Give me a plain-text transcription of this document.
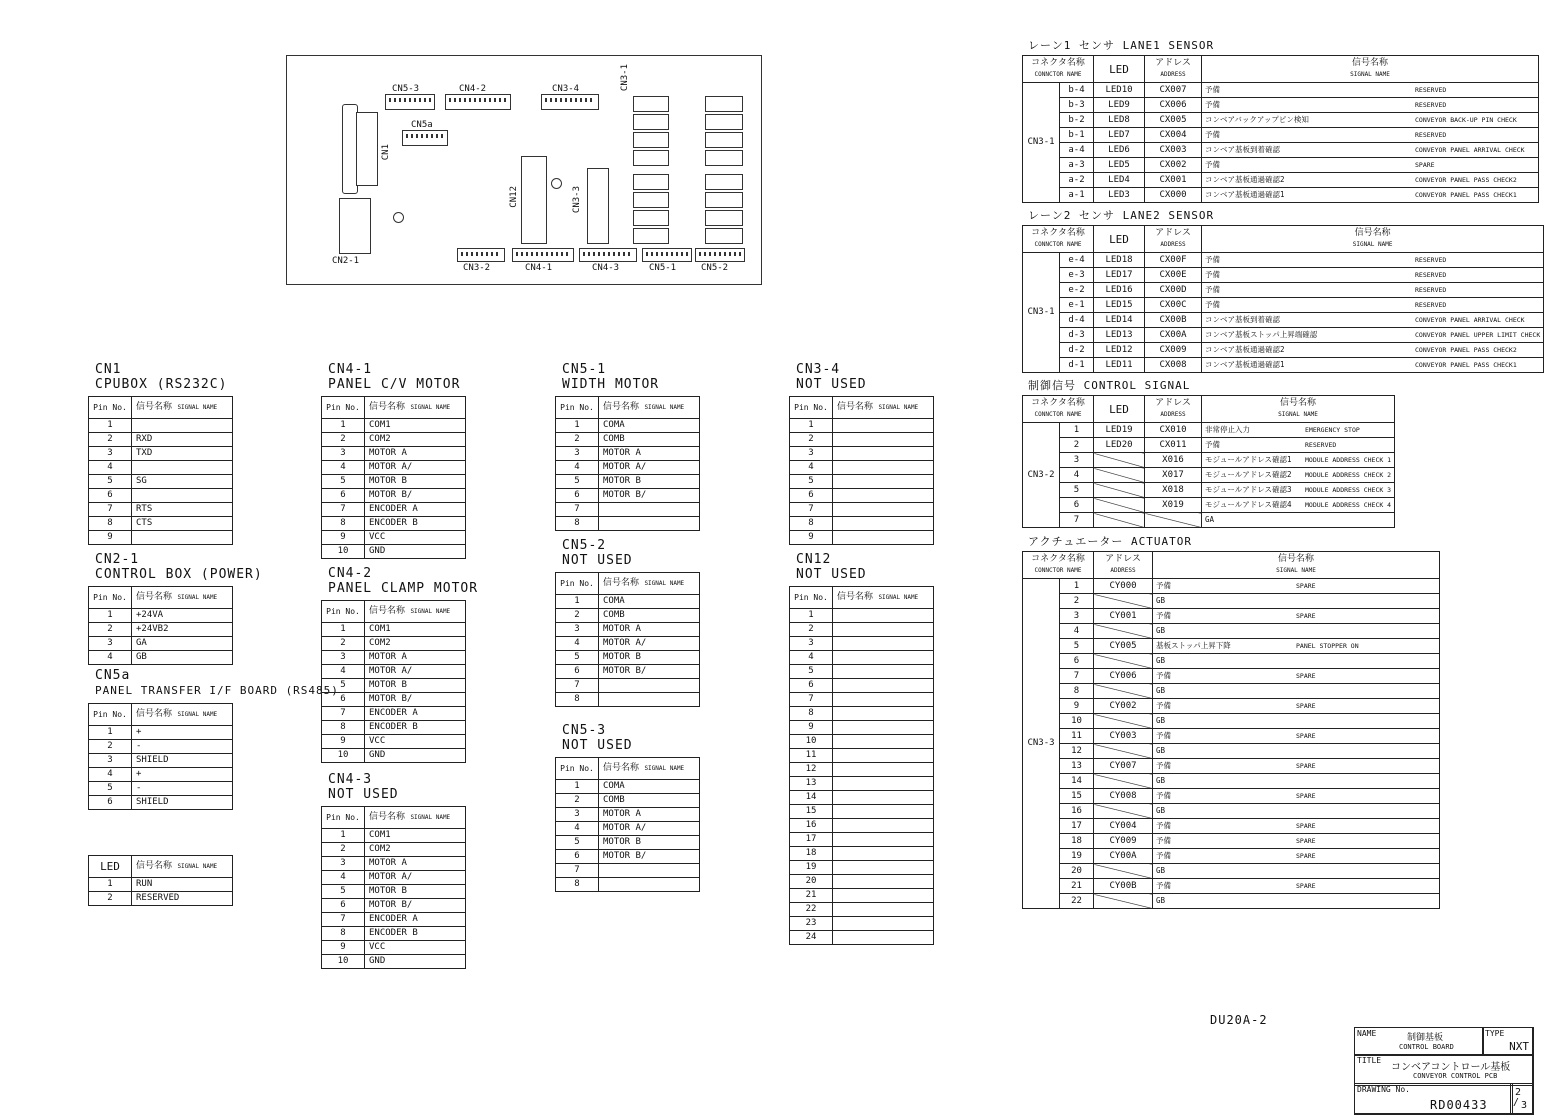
CN1
CN5-3	CN4-2	CN3-4
CN5a
CN3-1
CN12	CN3-3
CN2-1
CN3-2	CN4-1	CN4-3	CN5-1	CN5-2
CN1
CPUBOX (RS232C)
Pin No.	信号名称 SIGNAL NAME
1	
2	RXD
3	TXD
4	
5	SG
6	
7	RTS
8	CTS
9	
CN2-1
CONTROL BOX (POWER)
Pin No.	信号名称 SIGNAL NAME
1	+24VA
2	+24VB2
3	GA
4	GB
CN5a
PANEL TRANSFER I/F BOARD (RS485)
Pin No.	信号名称 SIGNAL NAME
1	+
2	-
3	SHIELD
4	+
5	-
6	SHIELD
LED	信号名称 SIGNAL NAME
1	RUN
2	RESERVED
CN4-1
PANEL C/V MOTOR
Pin No.	信号名称 SIGNAL NAME
1	COM1
2	COM2
3	MOTOR A
4	MOTOR A/
5	MOTOR B
6	MOTOR B/
7	ENCODER A
8	ENCODER B
9	VCC
10	GND
CN4-2
PANEL CLAMP MOTOR
Pin No.	信号名称 SIGNAL NAME
1	COM1
2	COM2
3	MOTOR A
4	MOTOR A/
5	MOTOR B
6	MOTOR B/
7	ENCODER A
8	ENCODER B
9	VCC
10	GND
CN4-3
NOT USED
Pin No.	信号名称 SIGNAL NAME
1	COM1
2	COM2
3	MOTOR A
4	MOTOR A/
5	MOTOR B
6	MOTOR B/
7	ENCODER A
8	ENCODER B
9	VCC
10	GND
CN5-1
WIDTH MOTOR
Pin No.	信号名称 SIGNAL NAME
1	COMA
2	COMB
3	MOTOR A
4	MOTOR A/
5	MOTOR B
6	MOTOR B/
7	
8	
CN5-2
NOT USED
Pin No.	信号名称 SIGNAL NAME
1	COMA
2	COMB
3	MOTOR A
4	MOTOR A/
5	MOTOR B
6	MOTOR B/
7	
8	
CN5-3
NOT USED
Pin No.	信号名称 SIGNAL NAME
1	COMA
2	COMB
3	MOTOR A
4	MOTOR A/
5	MOTOR B
6	MOTOR B/
7	
8	
CN3-4
NOT USED
Pin No.	信号名称 SIGNAL NAME
1	
2	
3	
4	
5	
6	
7	
8	
9	
CN12
NOT USED
Pin No.	信号名称 SIGNAL NAME
1	
2	
3	
4	
5	
6	
7	
8	
9	
10	
11	
12	
13	
14	
15	
16	
17	
18	
19	
20	
21	
22	
23	
24	
レーン1 センサ LANE1 SENSOR
コネクタ名称
CONNCTOR NAME		LED	アドレス
ADDRESS	信号名称
SIGNAL NAME

CN3-1	b-4	LED10	CX007	予備 RESERVED
	b-3	LED9	CX006	予備 RESERVED
	b-2	LED8	CX005	コンベアバックアップピン検知 CONVEYOR BACK-UP PIN CHECK
	b-1	LED7	CX004	予備 RESERVED
	a-4	LED6	CX003	コンベア基板到着確認 CONVEYOR PANEL ARRIVAL CHECK
	a-3	LED5	CX002	予備 SPARE
	a-2	LED4	CX001	コンベア基板通過確認2 CONVEYOR PANEL PASS CHECK2
	a-1	LED3	CX000	コンベア基板通過確認1 CONVEYOR PANEL PASS CHECK1
レーン2 センサ LANE2 SENSOR
コネクタ名称
CONNCTOR NAME		LED	アドレス
ADDRESS	信号名称
SIGNAL NAME

CN3-1	e-4	LED18	CX00F	予備 RESERVED
	e-3	LED17	CX00E	予備 RESERVED
	e-2	LED16	CX00D	予備 RESERVED
	e-1	LED15	CX00C	予備 RESERVED
	d-4	LED14	CX00B	コンベア基板到着確認 CONVEYOR PANEL ARRIVAL CHECK
	d-3	LED13	CX00A	コンベア基板ストッパ上昇端確認 CONVEYOR PANEL UPPER LIMIT CHECK
	d-2	LED12	CX009	コンベア基板通過確認2 CONVEYOR PANEL PASS CHECK2
	d-1	LED11	CX008	コンベア基板通過確認1 CONVEYOR PANEL PASS CHECK1
制御信号 CONTROL SIGNAL
コネクタ名称
CONNCTOR NAME		LED	アドレス
ADDRESS	信号名称
SIGNAL NAME

CN3-2	1	LED19	CX010	非常停止入力 EMERGENCY STOP
	2	LED20	CX011	予備 RESERVED
	3		X016	モジュールアドレス確認1 MODULE ADDRESS CHECK 1
	4		X017	モジュールアドレス確認2 MODULE ADDRESS CHECK 2
	5		X018	モジュールアドレス確認3 MODULE ADDRESS CHECK 3
	6		X019	モジュールアドレス確認4 MODULE ADDRESS CHECK 4
	7			GA
アクチュエーター ACTUATOR
コネクタ名称
CONNCTOR NAME		アドレス
ADDRESS	信号名称
SIGNAL NAME

CN3-3	1	CY000	予備 SPARE
	2		GB
	3	CY001	予備 SPARE
	4		GB
	5	CY005	基板ストッパ上昇下降 PANEL STOPPER ON
	6		GB
	7	CY006	予備 SPARE
	8		GB
	9	CY002	予備 SPARE
	10		GB
	11	CY003	予備 SPARE
	12		GB
	13	CY007	予備 SPARE
	14		GB
	15	CY008	予備 SPARE
	16		GB
	17	CY004	予備 SPARE
	18	CY009	予備 SPARE
	19	CY00A	予備 SPARE
	20		GB
	21	CY00B	予備 SPARE
	22		GB
DU20A-2
NAME	制御基板
CONTROL BOARD
TYPE
NXT
TITLE
コンベアコントロール基板
CONVEYOR CONTROL PCB
DRAWING No.
RD00433
2
/ 3
